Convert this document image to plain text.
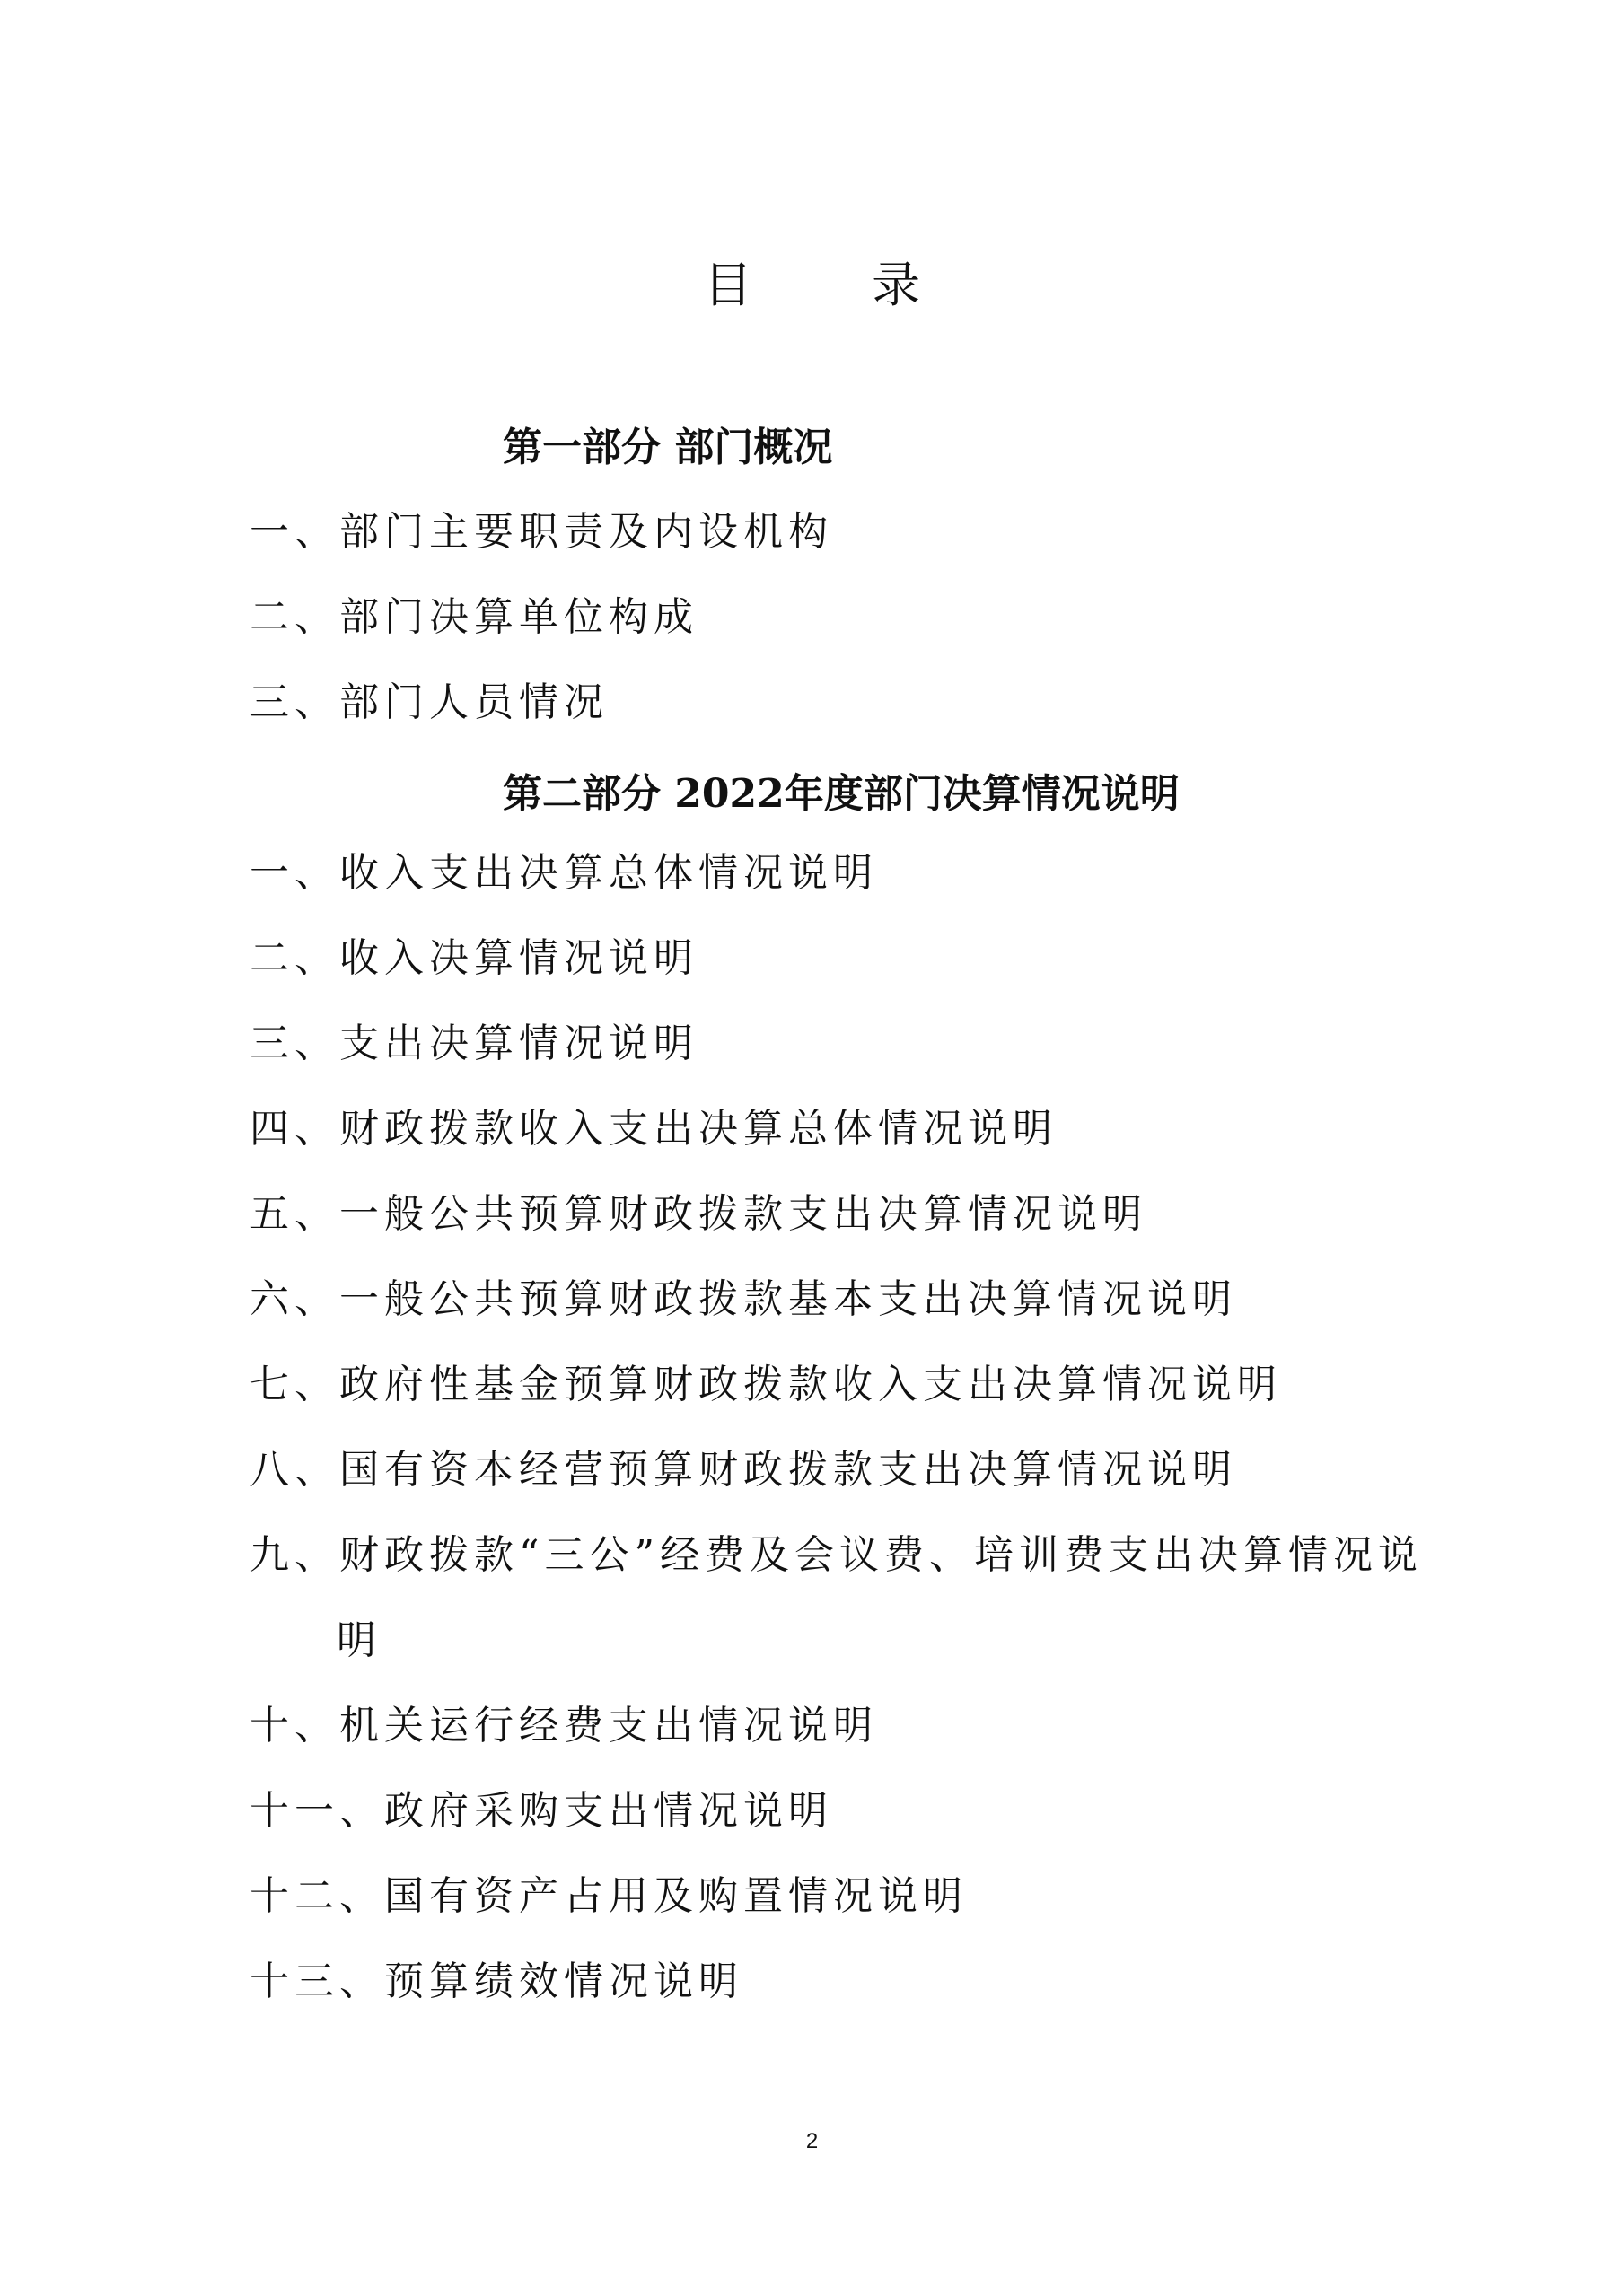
目 录
第一部分 部门概况
一、部门主要职责及内设机构
二、部门决算单位构成
三、部门人员情况
第二部分 2022年度部门决算情况说明
一、收入支出决算总体情况说明
二、收入决算情况说明
三、支出决算情况说明
四、财政拨款收入支出决算总体情况说明
五、一般公共预算财政拨款支出决算情况说明
六、一般公共预算财政拨款基本支出决算情况说明
七、政府性基金预算财政拨款收入支出决算情况说明
八、国有资本经营预算财政拨款支出决算情况说明
九、财政拨款“三公”经费及会议费、培训费支出决算情况说
明
十、机关运行经费支出情况说明
十一、政府采购支出情况说明
十二、国有资产占用及购置情况说明
十三、预算绩效情况说明
2
